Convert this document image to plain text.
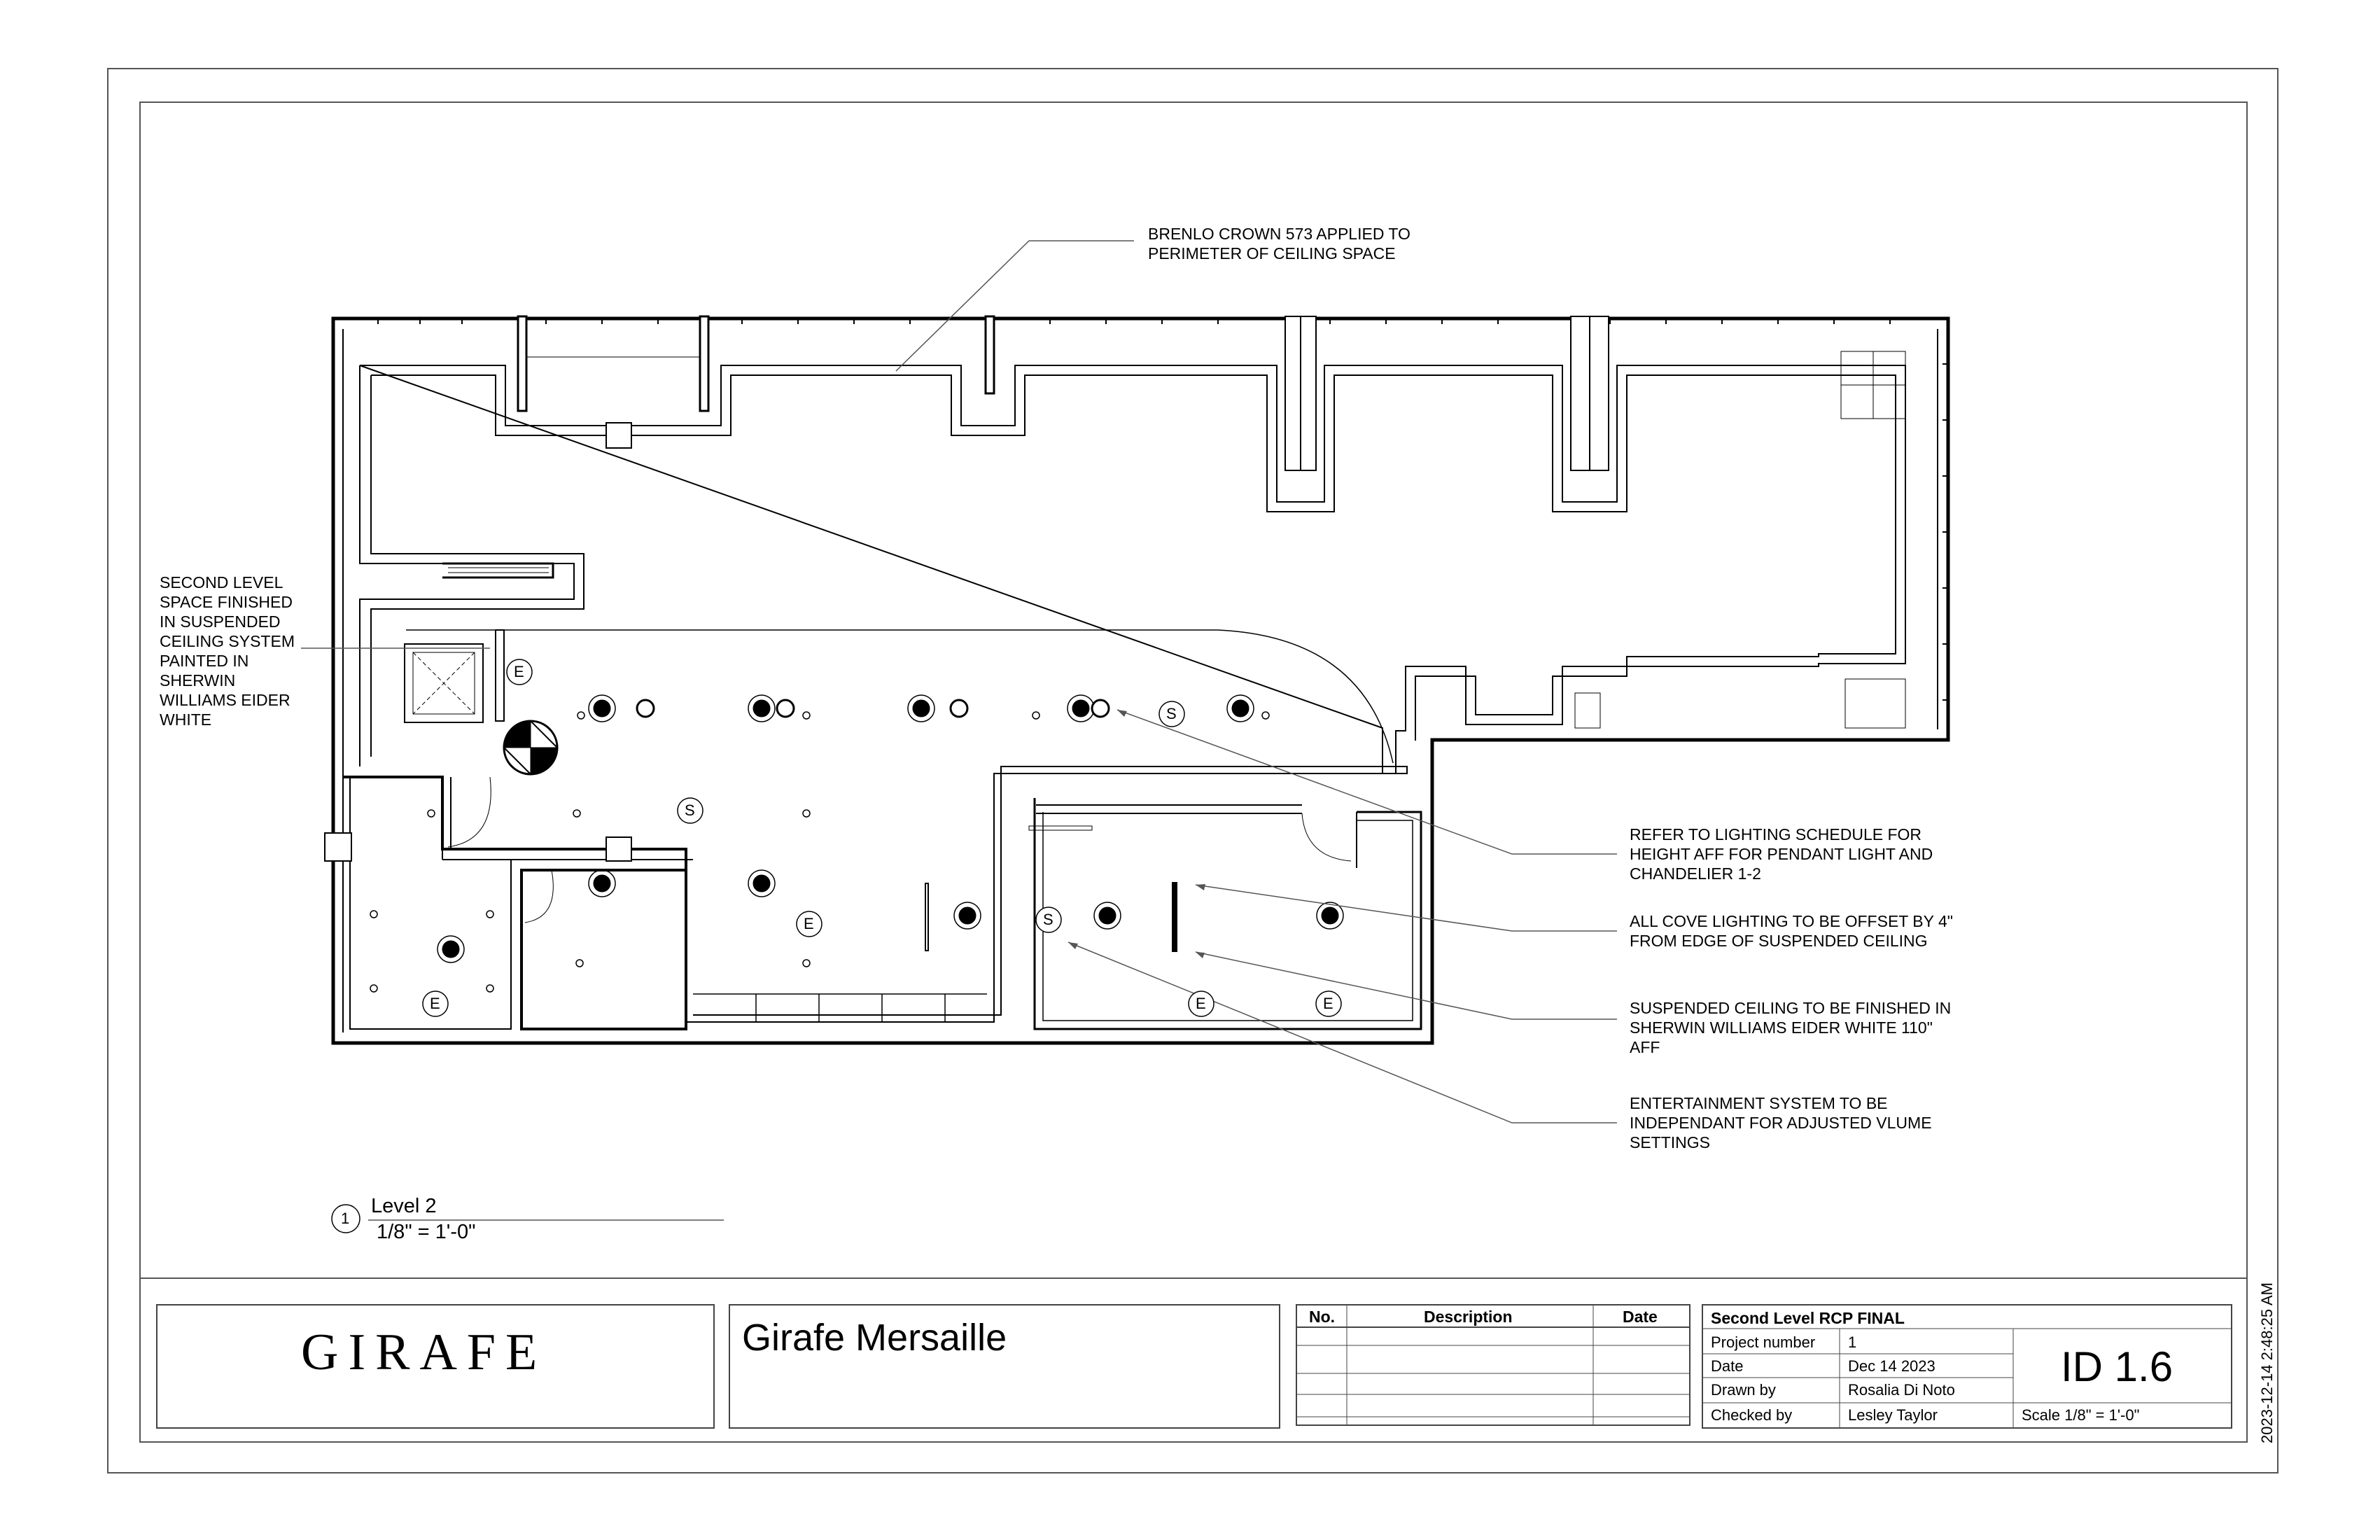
BRENLO CROWN 573 APPLIED TO
PERIMETER OF CEILING SPACE
SECOND LEVEL
SPACE FINISHED
IN SUSPENDED
CEILING SYSTEM
PAINTED IN
SHERWIN
WILLIAMS EIDER
WHITE
REFER TO LIGHTING SCHEDULE FOR
HEIGHT AFF FOR PENDANT LIGHT AND
CHANDELIER 1-2
ALL COVE LIGHTING TO BE OFFSET BY 4"
FROM EDGE OF SUSPENDED CEILING
SUSPENDED CEILING TO BE FINISHED IN
SHERWIN WILLIAMS EIDER WHITE 110"
AFF
ENTERTAINMENT SYSTEM TO BE
INDEPENDANT FOR ADJUSTED VLUME
SETTINGS
E
S
S
E	S
E	E	E
1
Level 2
1/8" = 1'-0"
GIRAFE	Girafe Mersaille	No.	Description	Date	Second Level RCP FINAL
Project number 1
Date	Dec 14 2023
Drawn by	Rosalia Di Noto
Checked by	Lesley Taylor
ID 1.6
Scale 1/8" = 1'-0"	2023-12-14 2:48:25 AM
